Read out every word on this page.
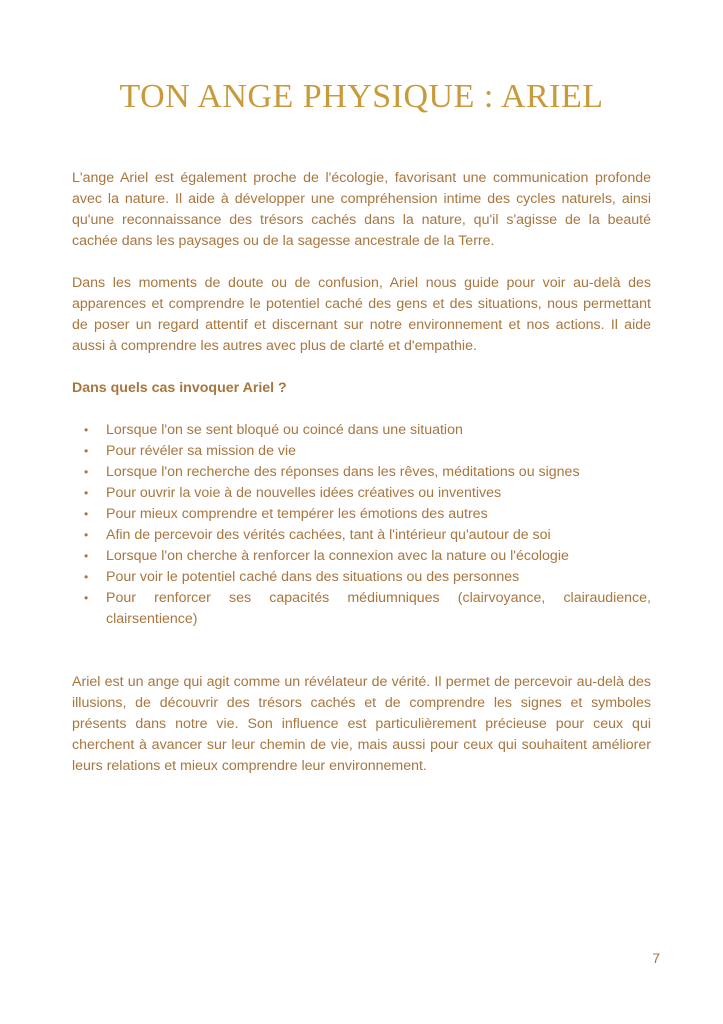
TON ANGE PHYSIQUE : ARIEL

L'ange Ariel est également proche de l'écologie, favorisant une communication profonde avec la nature. Il aide à développer une compréhension intime des cycles naturels, ainsi qu'une reconnaissance des trésors cachés dans la nature, qu'il s'agisse de la beauté cachée dans les paysages ou de la sagesse ancestrale de la Terre.

Dans les moments de doute ou de confusion, Ariel nous guide pour voir au-delà des apparences et comprendre le potentiel caché des gens et des situations, nous permettant de poser un regard attentif et discernant sur notre environnement et nos actions. Il aide aussi à comprendre les autres avec plus de clarté et d'empathie.

Dans quels cas invoquer Ariel ?

• Lorsque l'on se sent bloqué ou coincé dans une situation
• Pour révéler sa mission de vie
• Lorsque l'on recherche des réponses dans les rêves, méditations ou signes
• Pour ouvrir la voie à de nouvelles idées créatives ou inventives
• Pour mieux comprendre et tempérer les émotions des autres
• Afin de percevoir des vérités cachées, tant à l'intérieur qu'autour de soi
• Lorsque l'on cherche à renforcer la connexion avec la nature ou l'écologie
• Pour voir le potentiel caché dans des situations ou des personnes
• Pour renforcer ses capacités médiumniques (clairvoyance, clairaudience, clairsentience)

Ariel est un ange qui agit comme un révélateur de vérité. Il permet de percevoir au-delà des illusions, de découvrir des trésors cachés et de comprendre les signes et symboles présents dans notre vie. Son influence est particulièrement précieuse pour ceux qui cherchent à avancer sur leur chemin de vie, mais aussi pour ceux qui souhaitent améliorer leurs relations et mieux comprendre leur environnement.

7
